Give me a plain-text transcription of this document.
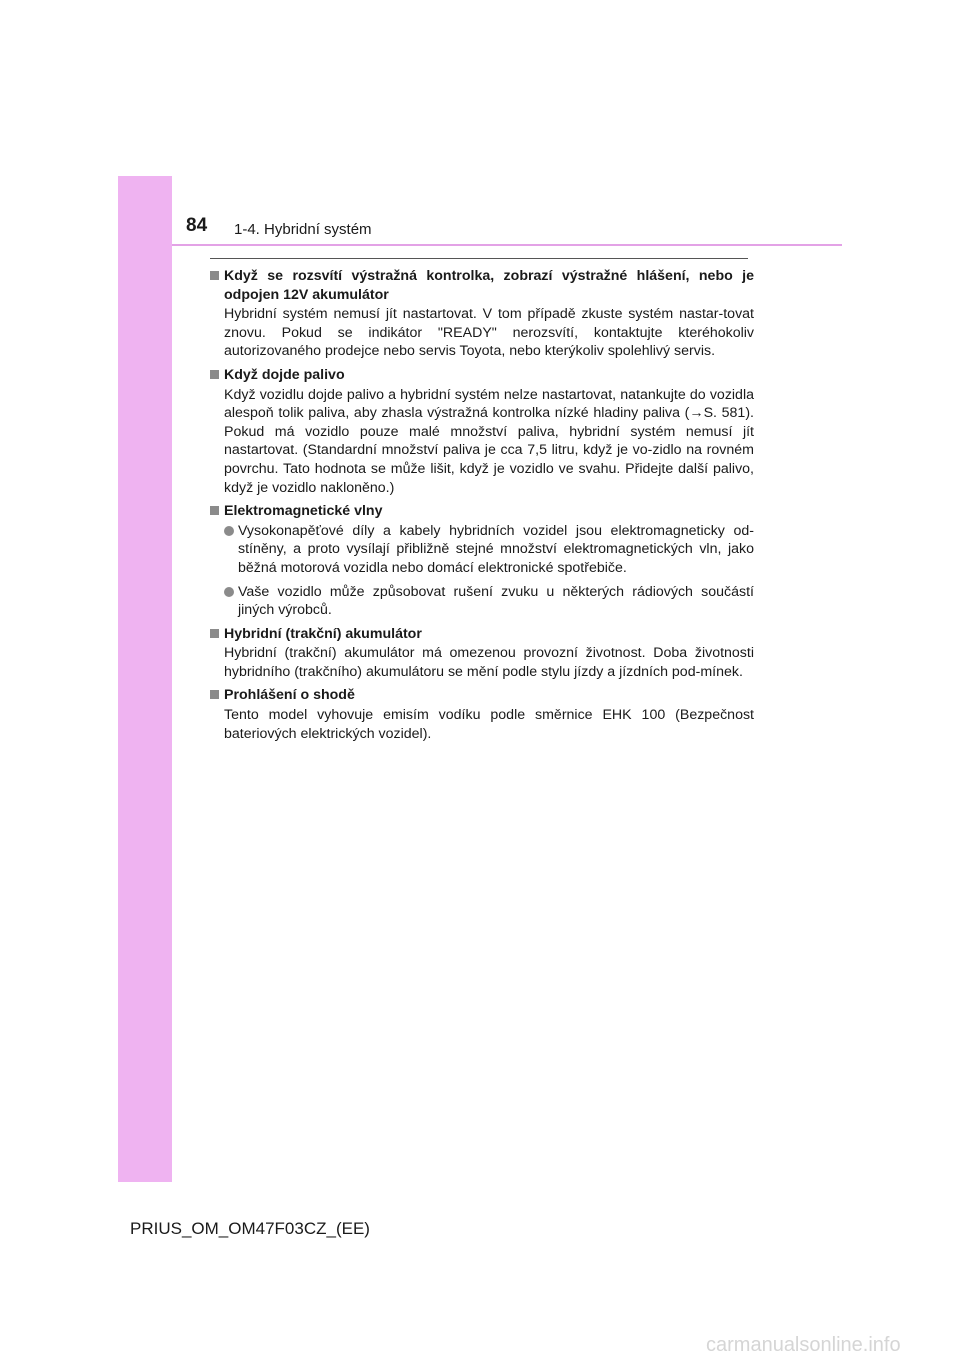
84 1-4. Hybridní systém
Když se rozsvítí výstražná kontrolka, zobrazí výstražné hlášení, nebo je odpojen 12V akumulátor
Hybridní systém nemusí jít nastartovat. V tom případě zkuste systém nastar-tovat znovu. Pokud se indikátor "READY" nerozsvítí, kontaktujte kteréhokoliv autorizovaného prodejce nebo servis Toyota, nebo kterýkoliv spolehlivý servis.
Když dojde palivo
Když vozidlu dojde palivo a hybridní systém nelze nastartovat, natankujte do vozidla alespoň tolik paliva, aby zhasla výstražná kontrolka nízké hladiny paliva (→S. 581). Pokud má vozidlo pouze malé množství paliva, hybridní systém nemusí jít nastartovat. (Standardní množství paliva je cca 7,5 litru, když je vo-zidlo na rovném povrchu. Tato hodnota se může lišit, když je vozidlo ve svahu. Přidejte další palivo, když je vozidlo nakloněno.)
Elektromagnetické vlny
Vysokonapěťové díly a kabely hybridních vozidel jsou elektromagneticky od-stíněny, a proto vysílají přibližně stejné množství elektromagnetických vln, jako běžná motorová vozidla nebo domácí elektronické spotřebiče.
Vaše vozidlo může způsobovat rušení zvuku u některých rádiových součástí jiných výrobců.
Hybridní (trakční) akumulátor
Hybridní (trakční) akumulátor má omezenou provozní životnost. Doba životnosti hybridního (trakčního) akumulátoru se mění podle stylu jízdy a jízdních pod-mínek.
Prohlášení o shodě
Tento model vyhovuje emisím vodíku podle směrnice EHK 100 (Bezpečnost bateriových elektrických vozidel).
PRIUS_OM_OM47F03CZ_(EE)
carmanualsonline.info
